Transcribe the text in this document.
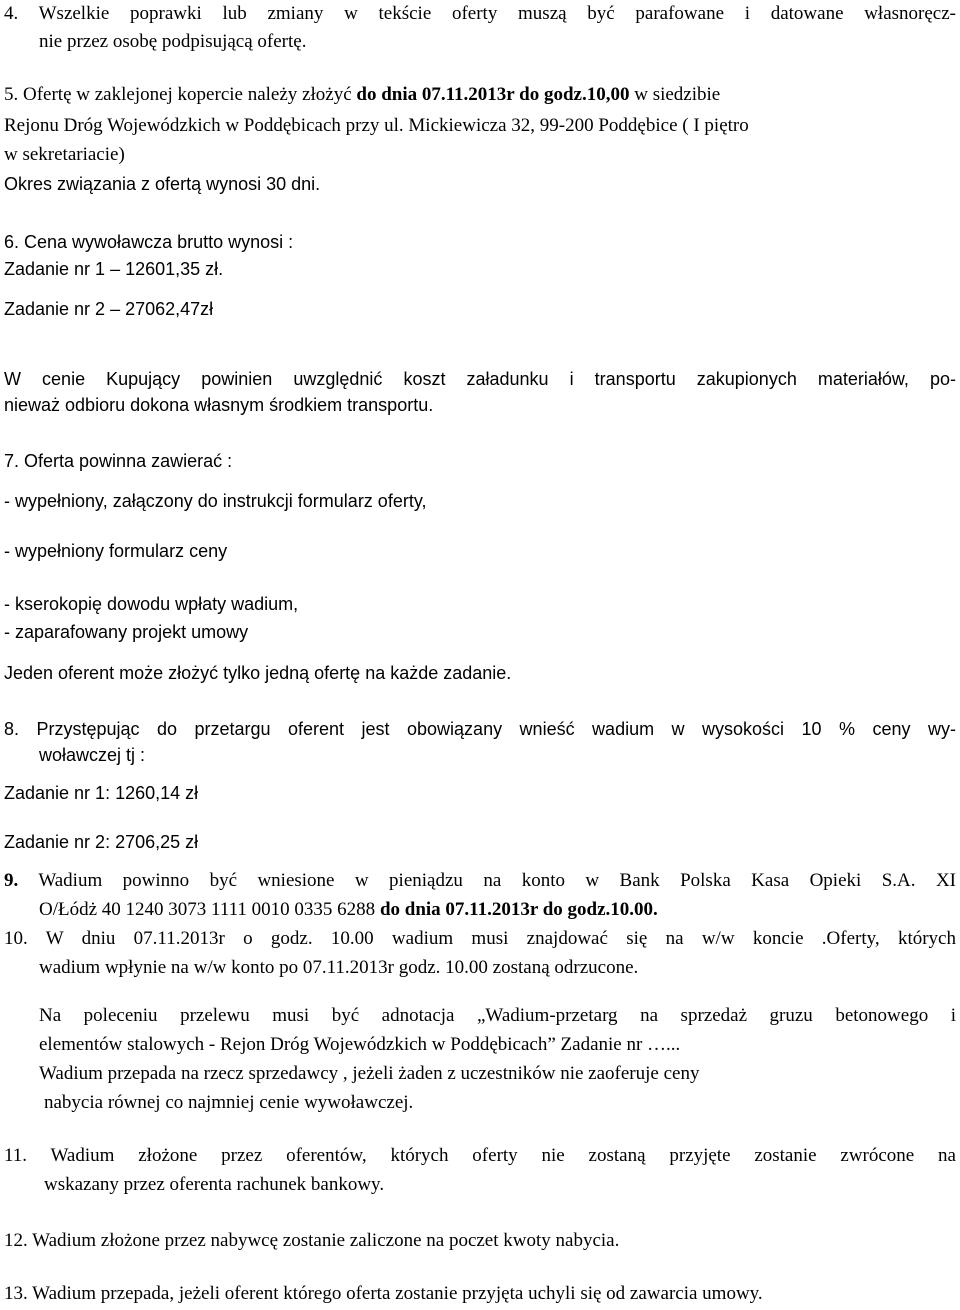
4. Wszelkie poprawki lub zmiany w tekście oferty muszą być parafowane i datowane własnoręcz-
nie przez osobę podpisującą ofertę.
5. Ofertę w zaklejonej kopercie należy złożyć do dnia 07.11.2013r do godz.10,00 w siedzibie
Rejonu Dróg Wojewódzkich w Poddębicach przy ul. Mickiewicza 32, 99-200 Poddębice ( I piętro
w sekretariacie)
Okres związania z ofertą wynosi 30 dni.
6. Cena wywoławcza brutto wynosi :
Zadanie nr 1 – 12601,35 zł.
Zadanie nr 2 – 27062,47zł
W cenie Kupujący powinien uwzględnić koszt załadunku i transportu zakupionych materiałów, po-
nieważ odbioru dokona własnym środkiem transportu.
7. Oferta powinna zawierać :
- wypełniony, załączony do instrukcji formularz oferty,
- wypełniony formularz ceny
- kserokopię dowodu wpłaty wadium,
- zaparafowany projekt umowy
Jeden oferent może złożyć tylko jedną ofertę na każde zadanie.
8. Przystępując do przetargu oferent jest obowiązany wnieść wadium w wysokości 10 % ceny wy-
woławczej tj :
Zadanie nr 1: 1260,14 zł
Zadanie nr 2: 2706,25 zł
9. Wadium powinno być wniesione w pieniądzu na konto w Bank Polska Kasa Opieki S.A. XI
O/Łódż 40 1240 3073 1111 0010 0335 6288 do dnia 07.11.2013r do godz.10.00.
10. W dniu 07.11.2013r o godz. 10.00 wadium musi znajdować się na w/w koncie .Oferty, których
wadium wpłynie na w/w konto po 07.11.2013r godz. 10.00 zostaną odrzucone.
Na poleceniu przelewu musi być adnotacja „Wadium-przetarg na sprzedaż gruzu betonowego i
elementów stalowych - Rejon Dróg Wojewódzkich w Poddębicach” Zadanie nr …...
Wadium przepada na rzecz sprzedawcy , jeżeli żaden z uczestników nie zaoferuje ceny
nabycia równej co najmniej cenie wywoławczej.
11. Wadium złożone przez oferentów, których oferty nie zostaną przyjęte zostanie zwrócone na
wskazany przez oferenta rachunek bankowy.
12. Wadium złożone przez nabywcę zostanie zaliczone na poczet kwoty nabycia.
13. Wadium przepada, jeżeli oferent którego oferta zostanie przyjęta uchyli się od zawarcia umowy.
